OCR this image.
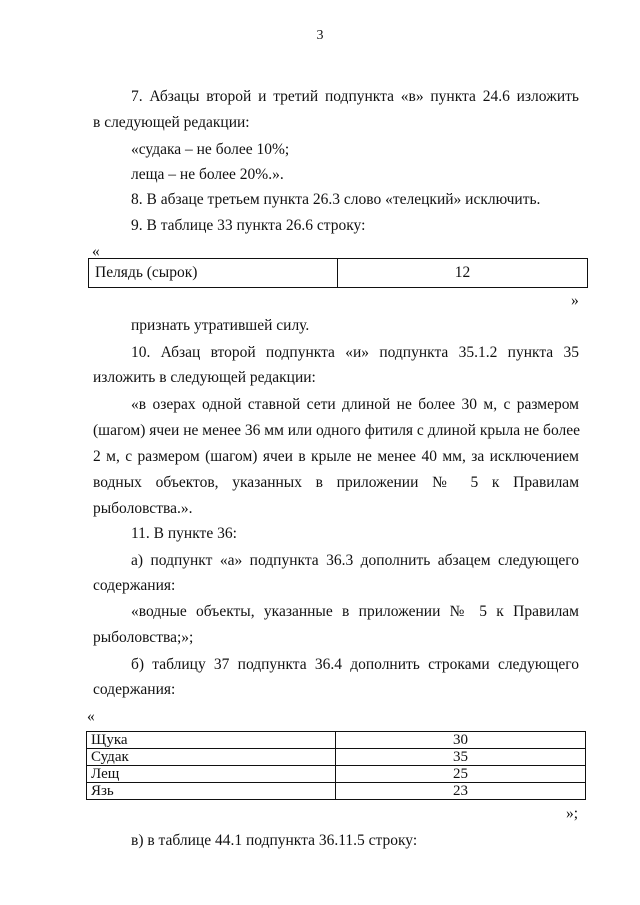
3
7. Абзацы второй и третий подпункта «в» пункта 24.6 изложить
в следующей редакции:
«судака – не более 10%;
леща – не более 20%.».
8. В абзаце третьем пункта 26.3 слово «телецкий» исключить.
9. В таблице 33 пункта 26.6 строку:
«
Пелядь (сырок)	12
»
признать утратившей силу.
10. Абзац второй подпункта «и» подпункта 35.1.2 пункта 35
изложить в следующей редакции:
«в озерах одной ставной сети длиной не более 30 м, с размером
(шагом) ячеи не менее 36 мм или одного фитиля с длиной крыла не более
2 м, с размером (шагом) ячеи в крыле не менее 40 мм, за исключением
водных объектов, указанных в приложении № 5 к Правилам
рыболовства.».
11. В пункте 36:
а) подпункт «а» подпункта 36.3 дополнить абзацем следующего
содержания:
«водные объекты, указанные в приложении № 5 к Правилам
рыболовства;»;
б) таблицу 37 подпункта 36.4 дополнить строками следующего
содержания:
«
Щука	30
Судак	35
Лещ	25
Язь	23
»;
в) в таблице 44.1 подпункта 36.11.5 строку:
